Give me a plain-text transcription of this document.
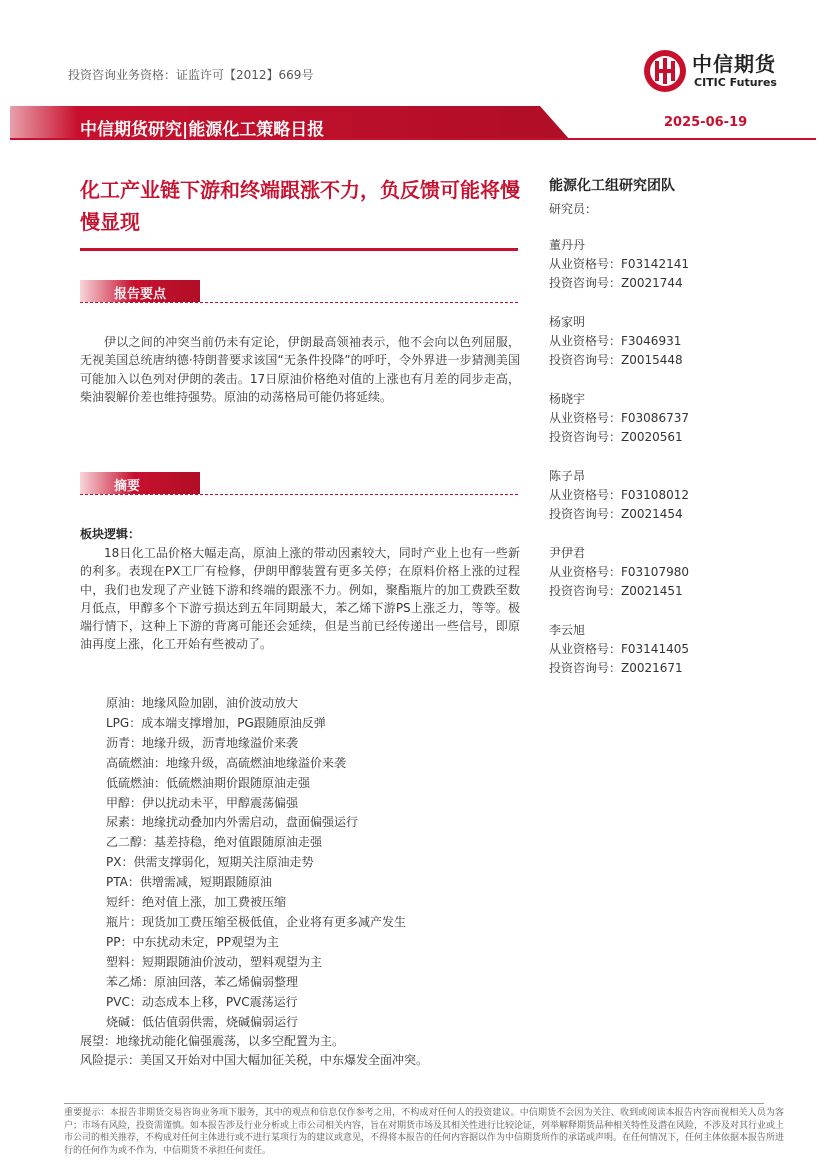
投资咨询业务资格：证监许可【2012】669号	中信期货
CITIC Futures
中信期货研究|能源化工策略日报	2025-06-19
化工产业链下游和终端跟涨不力，负反馈可能将慢慢显现
报告要点
伊以之间的冲突当前仍未有定论，伊朗最高领袖表示，他不会向以色列屈服，无视美国总统唐纳德·特朗普要求该国“无条件投降”的呼吁，令外界进一步猜测美国可能加入以色列对伊朗的袭击。17日原油价格绝对值的上涨也有月差的同步走高，柴油裂解价差也维持强势。原油的动荡格局可能仍将延续。
摘要
板块逻辑：
18日化工品价格大幅走高，原油上涨的带动因素较大，同时产业上也有一些新的利多。表现在PX工厂有检修，伊朗甲醇装置有更多关停；在原料价格上涨的过程中，我们也发现了产业链下游和终端的跟涨不力。例如，聚酯瓶片的加工费跌至数月低点，甲醇多个下游亏损达到五年同期最大，苯乙烯下游PS上涨乏力，等等。极端行情下，这种上下游的背离可能还会延续，但是当前已经传递出一些信号，即原油再度上涨，化工开始有些被动了。
原油：地缘风险加剧，油价波动放大
LPG：成本端支撑增加，PG跟随原油反弹
沥青：地缘升级，沥青地缘溢价来袭
高硫燃油：地缘升级，高硫燃油地缘溢价来袭
低硫燃油：低硫燃油期价跟随原油走强
甲醇：伊以扰动未平，甲醇震荡偏强
尿素：地缘扰动叠加内外需启动，盘面偏强运行
乙二醇：基差持稳，绝对值跟随原油走强
PX：供需支撑弱化，短期关注原油走势
PTA：供增需减，短期跟随原油
短纤：绝对值上涨，加工费被压缩
瓶片：现货加工费压缩至极低值，企业将有更多减产发生
PP：中东扰动未定，PP观望为主
塑料：短期跟随油价波动，塑料观望为主
苯乙烯：原油回落，苯乙烯偏弱整理
PVC：动态成本上移，PVC震荡运行
烧碱：低估值弱供需，烧碱偏弱运行
展望：地缘扰动能化偏强震荡，以多空配置为主。
风险提示：美国又开始对中国大幅加征关税，中东爆发全面冲突。
能源化工组研究团队
研究员：
董丹丹
从业资格号：F03142141
投资咨询号：Z0021744
杨家明
从业资格号：F3046931
投资咨询号：Z0015448
杨晓宇
从业资格号：F03086737
投资咨询号：Z0020561
陈子昂
从业资格号：F03108012
投资咨询号：Z0021454
尹伊君
从业资格号：F03107980
投资咨询号：Z0021451
李云旭
从业资格号：F03141405
投资咨询号：Z0021671
重要提示：本报告非期货交易咨询业务项下服务，其中的观点和信息仅作参考之用，不构成对任何人的投资建议。中信期货不会因为关注、收到或阅读本报告内容而视相关人员为客户；市场有风险，投资需谨慎。如本报告涉及行业分析或上市公司相关内容，旨在对期货市场及其相关性进行比较论证，列举解释期货品种相关特性及潜在风险，不涉及对其行业或上市公司的相关推荐，不构成对任何主体进行或不进行某项行为的建议或意见，不得将本报告的任何内容据以作为中信期货所作的承诺或声明。在任何情况下，任何主体依据本报告所进行的任何作为或不作为，中信期货不承担任何责任。
